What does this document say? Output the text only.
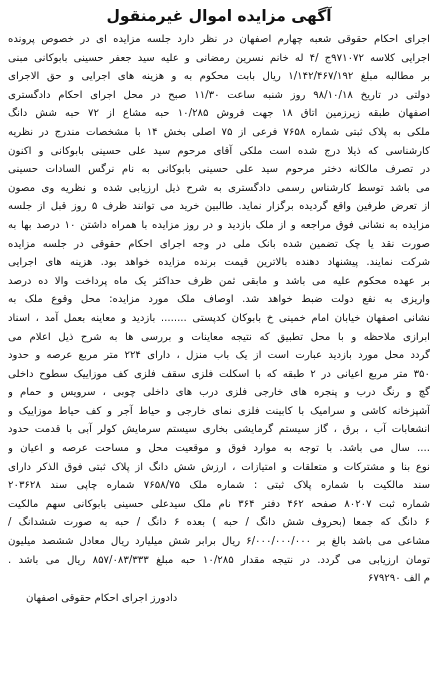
آگهی مزایده اموال غیرمنقول
اجرای احکام حقوقی شعبه چهارم اصفهان در نظر دارد جلسه مزایده ای در خصوص پرونده
اجرایی کلاسه ۹۷۱۰۷۲ج /۴ له خانم نسرین رمضانی و علیه سید جعفر حسینی بابوکانی مبنی
بر مطالبه مبلغ ۱/۱۴۲/۴۶۷/۱۹۲ ریال بابت محکوم به و هزینه های اجرایی و حق الاجرای
دولتی در تاریخ ۹۸/۱۰/۱۸ روز شنبه ساعت ۱۱/۳۰ صبح در محل اجرای احکام دادگستری
اصفهان طبقه زیرزمین اتاق ۱۸ جهت فروش ۱۰/۲۸۵ حبه مشاع از ۷۲ حبه شش دانگ
ملکی به پلاک ثبتی شماره ۷۶۵۸ فرعی از ۷۵ اصلی بخش ۱۴ با مشخصات مندرج در نظریه
کارشناسی که ذیلا درج شده است ملکی آقای مرحوم سید علی حسینی بابوکانی و اکنون
در تصرف مالکانه دختر مرحوم سید علی حسینی بابوکانی به نام نرگس السادات حسینی
می باشد توسط کارشناس رسمی دادگستری به شرح ذیل ارزیابی شده و نظریه وی مصون
از تعرض طرفین واقع گردیده برگزار نماید. طالبین خرید می توانند ظرف ۵ روز قبل از جلسه
مزایده به نشانی فوق مراجعه و از ملک بازدید و در روز مزایده با همراه داشتن ۱۰ درصد بها به
صورت نقد یا چک تضمین شده بانک ملی در وجه اجرای احکام حقوقی در جلسه مزایده
شرکت نمایند. پیشنهاد دهنده بالاترین قیمت برنده مزایده خواهد بود. هزینه های اجرایی
بر عهده محکوم علیه می باشد و مابقی ثمن ظرف حداکثر یک ماه پرداخت والا ده درصد
واریزی به نفع دولت ضبط خواهد شد. اوصاف ملک مورد مزایده: محل وقوع ملک به
نشانی اصفهان خیابان امام خمینی خ بابوکان کدپستی ........ بازدید و معاینه بعمل آمد ، اسناد
ابرازی ملاحظه و با محل تطبیق که نتیجه معاینات و بررسی ها به شرح ذیل اعلام می
گردد محل مورد بازدید عبارت است از یک باب منزل ، دارای ۲۲۴ متر مربع عرصه و حدود
۳۵۰ متر مربع اعیانی در ۲ طبقه که با اسکلت فلزی سقف فلزی کف موزاییک سطوح داخلی
گچ و رنگ درب و پنجره های خارجی فلزی درب های داخلی چوبی ، سرویس و حمام و
آشپزخانه کاشی و سرامیک با کابینت فلزی نمای خارجی و حیاط آجر و کف حیاط موزاییک و
انشعابات آب ، برق ، گاز سیستم گرمایشی بخاری سیستم سرمایش کولر آبی با قدمت حدود
.... سال می باشد. با توجه به موارد فوق و موقعیت محل و مساحت عرصه و اعیان و
نوع بنا و مشترکات و متعلقات و امتیازات ، ارزش شش دانگ از پلاک ثبتی فوق الذکر دارای
سند مالکیت با شماره پلاک ثبتی : شماره ملک ۷۶۵۸/۷۵ شماره چاپی سند ۲۰۳۶۲۸
شماره ثبت ۸۰۲۰۷ صفحه ۴۶۲ دفتر ۳۶۴ نام ملک سیدعلی حسینی بابوکانی سهم مالکیت
۶ دانگ که جمعا (بحروف شش دانگ / حبه ) بعده ۶ دانگ / حبه به صورت ششدانگ /
مشاعی می باشد بالغ بر ۶/۰۰۰/۰۰۰/۰۰۰ ریال برابر شش میلیارد ریال معادل ششصد میلیون
تومان ارزیابی می گردد. در نتیجه مقدار ۱۰/۲۸۵ حبه مبلغ ۸۵۷/۰۸۳/۳۳۳ ریال می باشد .
م الف ۶۷۹۲۹۰
دادورز اجرای احکام حقوقی اصفهان
